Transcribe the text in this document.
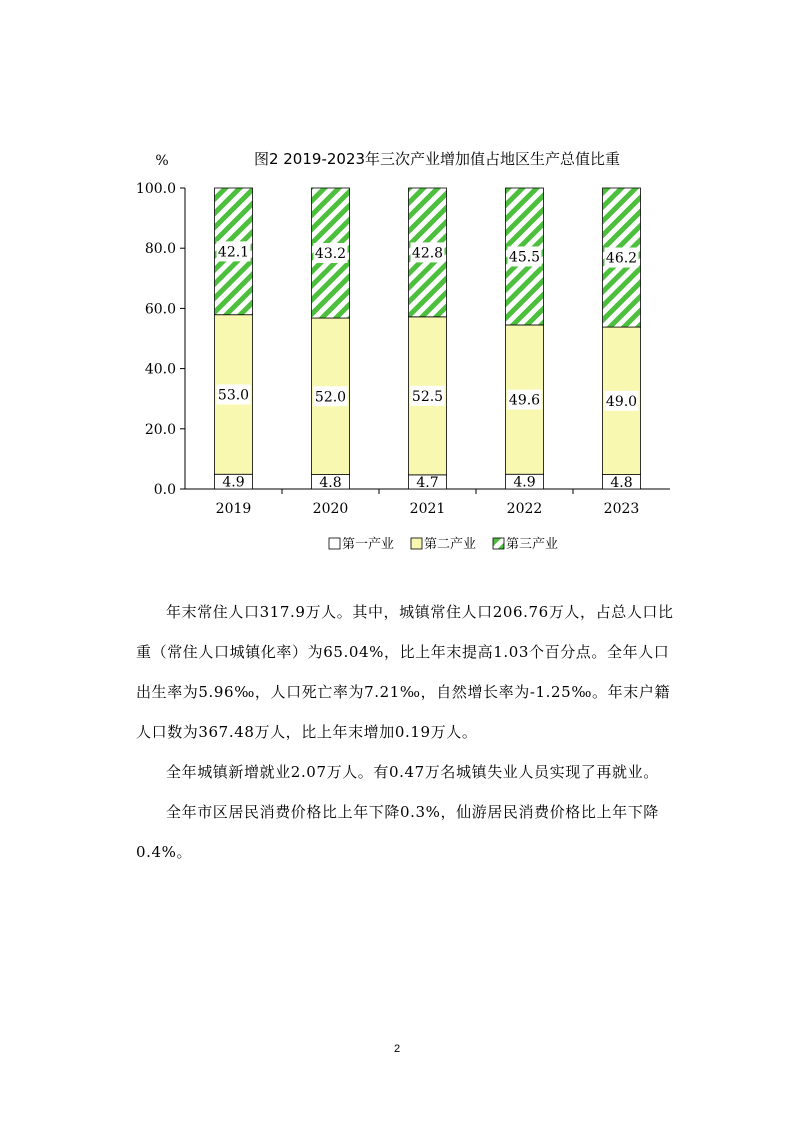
图2 2019-2023年三次产业增加值占地区生产总值比重
%
0.0
20.0
40.0
60.0
80.0
100.0
2019	2020	2021	2022	2023
4.9
53.0
42.1
4.8
52.0
43.2
4.7
52.5
42.8
4.9
49.6
45.5
4.8
49.0
46.2
第一产业 第二产业 第三产业

年末常住人口317.9万人。其中，城镇常住人口206.76万人，占总人口比重（常住人口城镇化率）为65.04%，比上年末提高1.03个百分点。全年人口出生率为5.96‰，人口死亡率为7.21‰，自然增长率为-1.25‰。年末户籍人口数为367.48万人，比上年末增加0.19万人。

全年城镇新增就业2.07万人。有0.47万名城镇失业人员实现了再就业。

全年市区居民消费价格比上年下降0.3%，仙游居民消费价格比上年下降0.4%。

2
